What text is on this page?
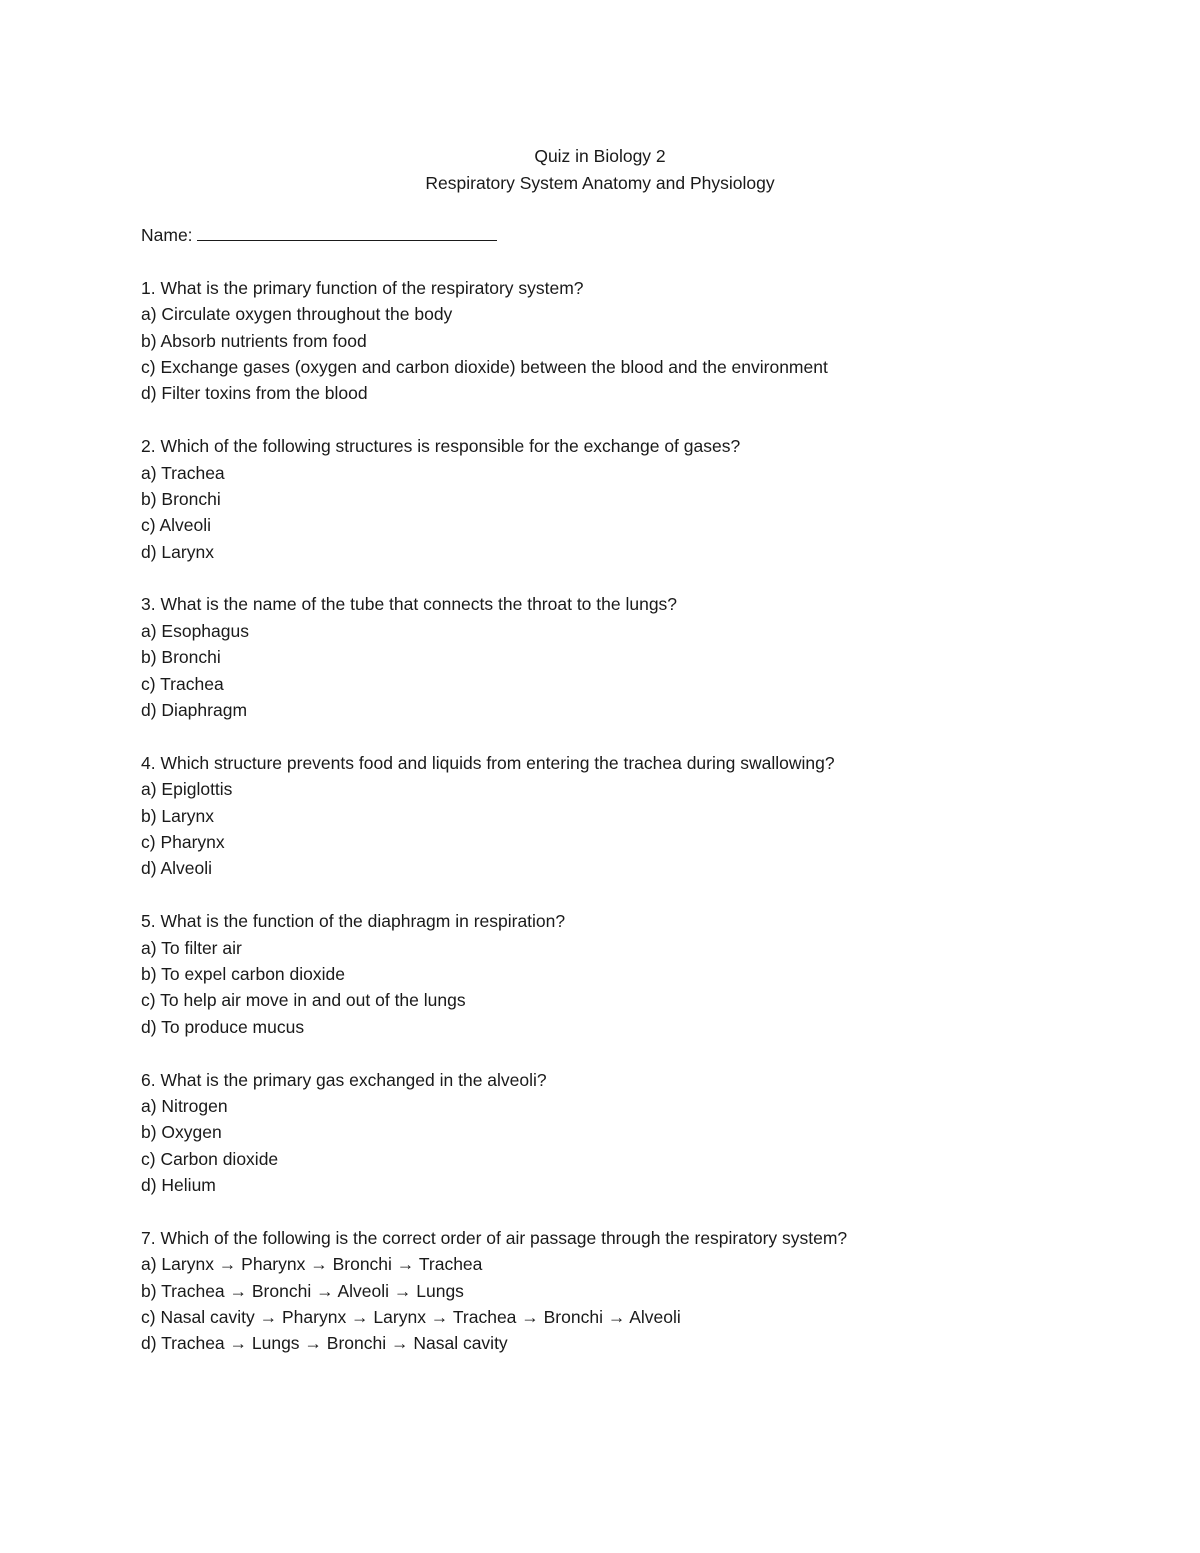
Quiz in Biology 2
Respiratory System Anatomy and Physiology
Name:
1. What is the primary function of the respiratory system?
a) Circulate oxygen throughout the body
b) Absorb nutrients from food
c) Exchange gases (oxygen and carbon dioxide) between the blood and the environment
d) Filter toxins from the blood
2. Which of the following structures is responsible for the exchange of gases?
a) Trachea
b) Bronchi
c) Alveoli
d) Larynx
3. What is the name of the tube that connects the throat to the lungs?
a) Esophagus
b) Bronchi
c) Trachea
d) Diaphragm
4. Which structure prevents food and liquids from entering the trachea during swallowing?
a) Epiglottis
b) Larynx
c) Pharynx
d) Alveoli
5. What is the function of the diaphragm in respiration?
a) To filter air
b) To expel carbon dioxide
c) To help air move in and out of the lungs
d) To produce mucus
6. What is the primary gas exchanged in the alveoli?
a) Nitrogen
b) Oxygen
c) Carbon dioxide
d) Helium
7. Which of the following is the correct order of air passage through the respiratory system?
a) Larynx → Pharynx → Bronchi → Trachea
b) Trachea → Bronchi → Alveoli → Lungs
c) Nasal cavity → Pharynx → Larynx → Trachea → Bronchi → Alveoli
d) Trachea → Lungs → Bronchi → Nasal cavity
